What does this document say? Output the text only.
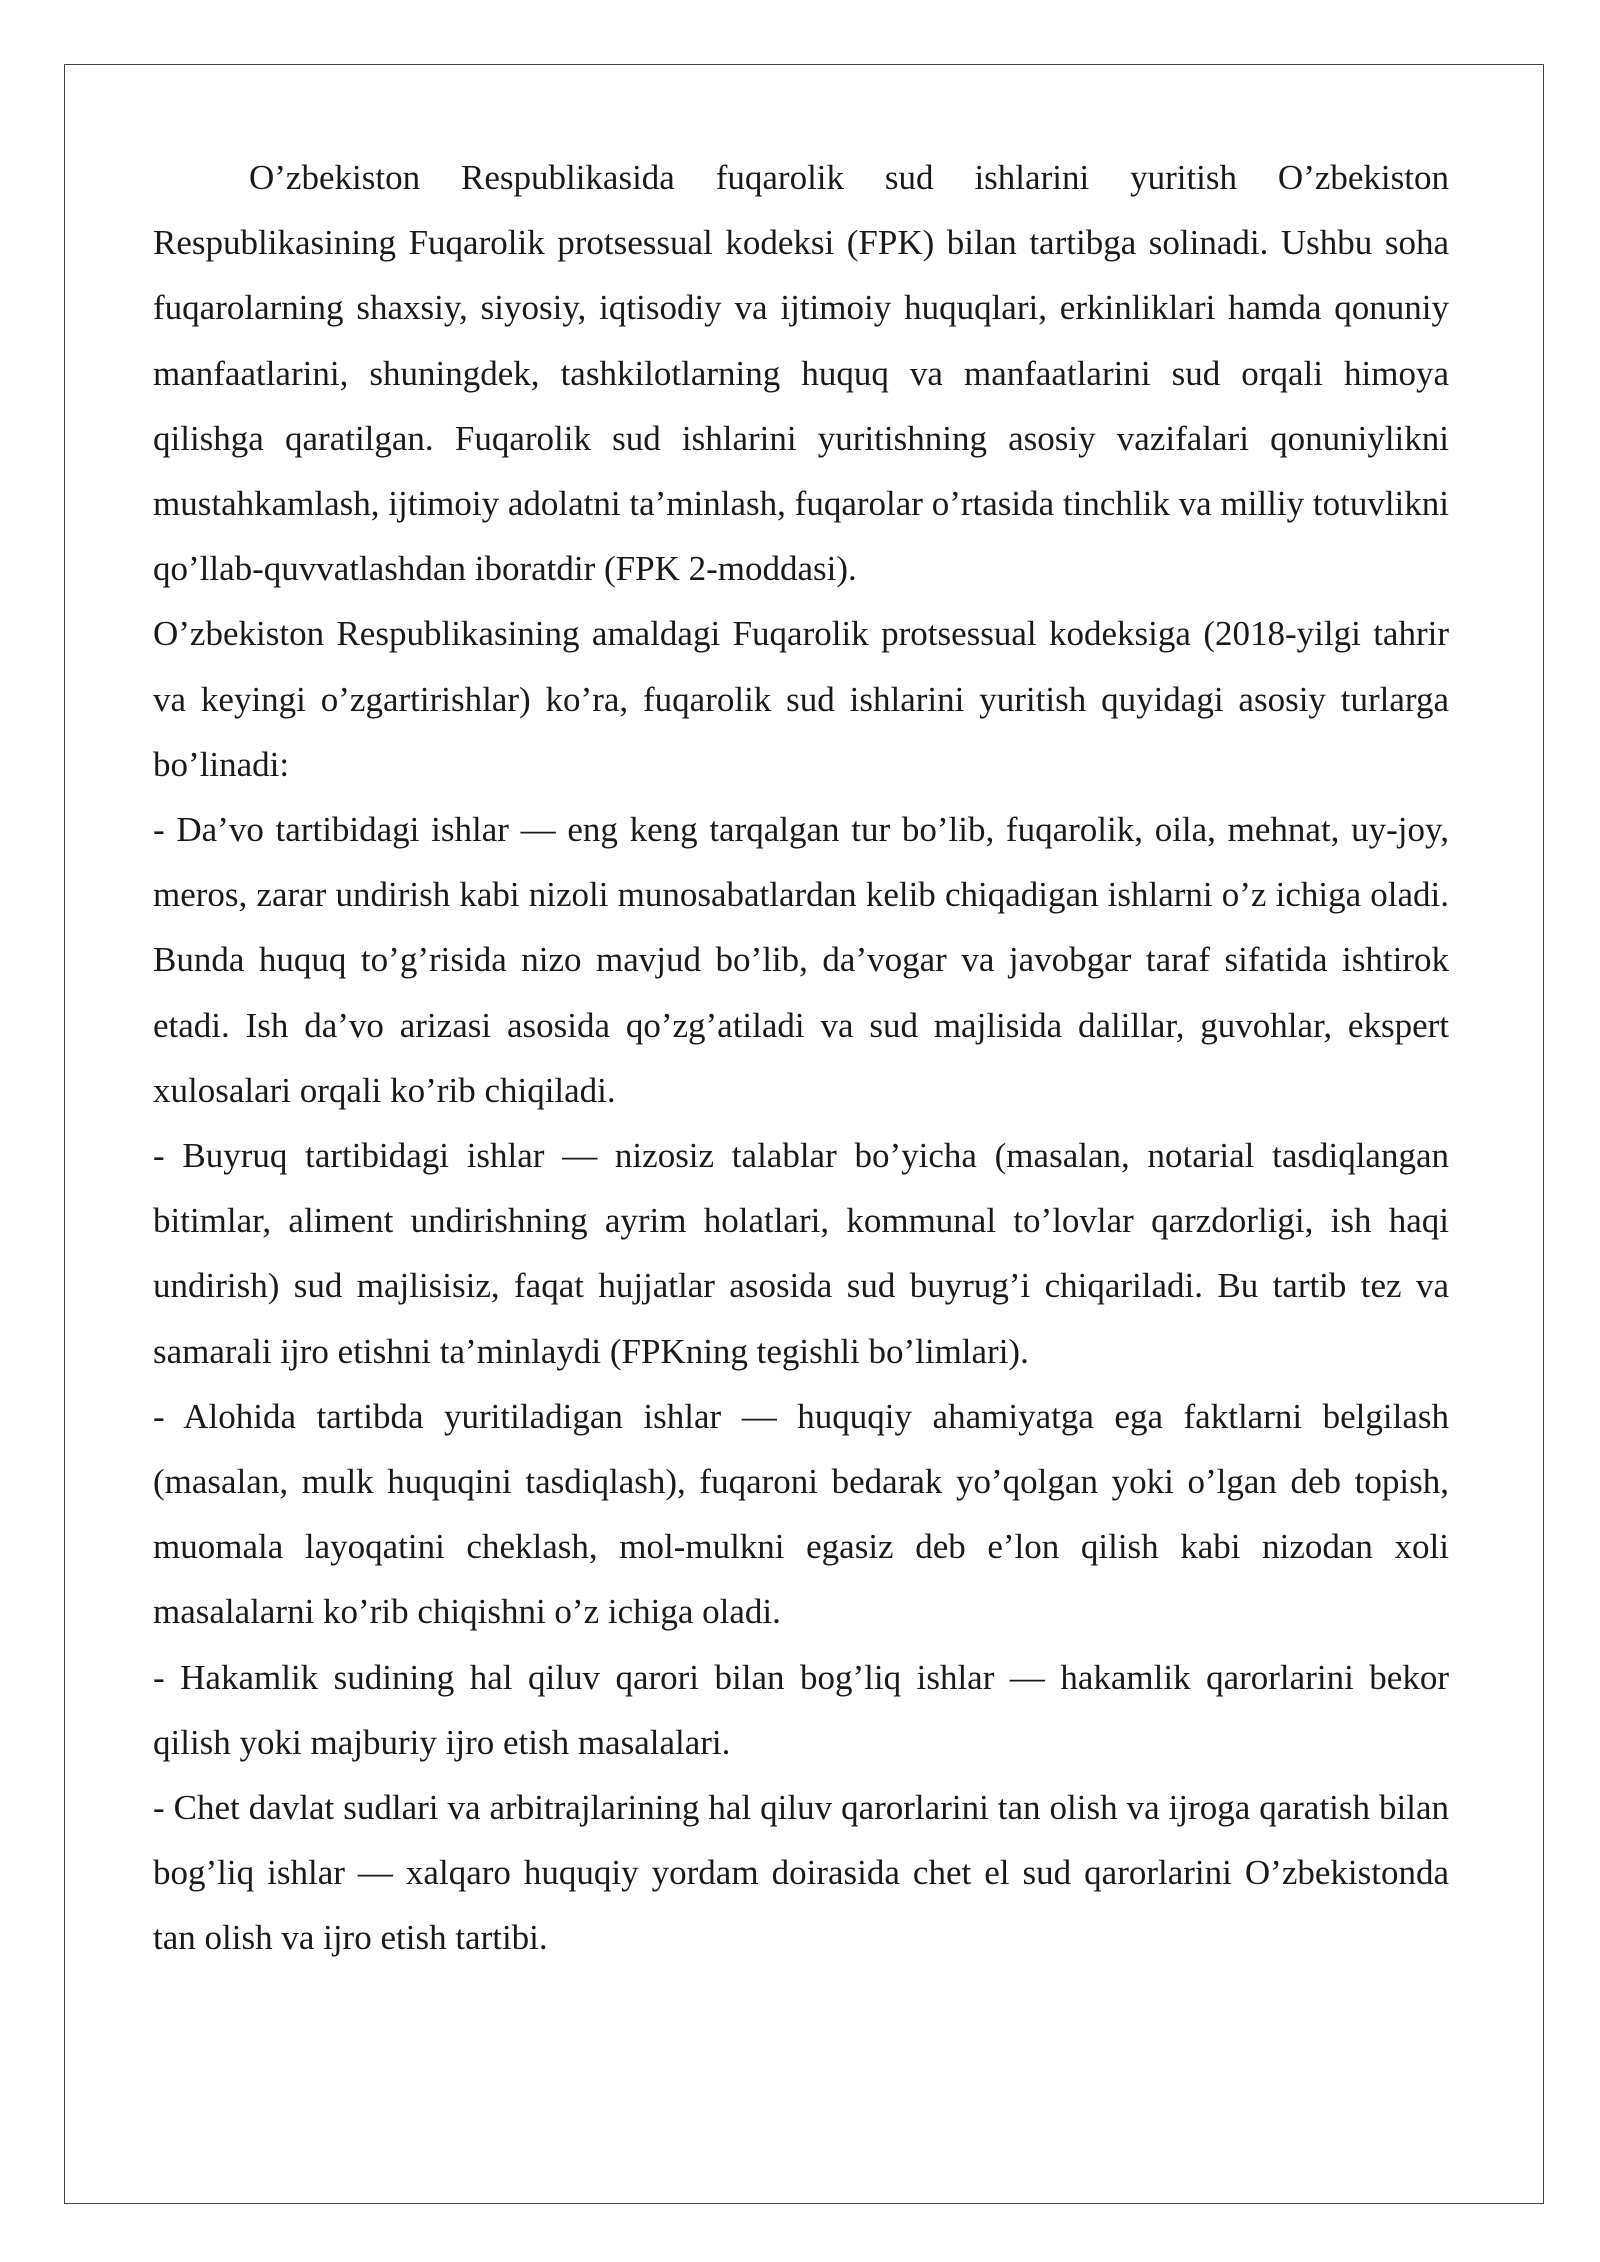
O’zbekiston Respublikasida fuqarolik sud ishlarini yuritish O’zbekiston Respublikasining Fuqarolik protsessual kodeksi (FPK) bilan tartibga solinadi. Ushbu soha fuqarolarning shaxsiy, siyosiy, iqtisodiy va ijtimoiy huquqlari, erkinliklari hamda qonuniy manfaatlarini, shuningdek, tashkilotlarning huquq va manfaatlarini sud orqali himoya qilishga qaratilgan. Fuqarolik sud ishlarini yuritishning asosiy vazifalari qonuniylikni mustahkamlash, ijtimoiy adolatni ta’minlash, fuqarolar o’rtasida tinchlik va milliy totuvlikni qo’llab-quvvatlashdan iboratdir (FPK 2-moddasi).

O’zbekiston Respublikasining amaldagi Fuqarolik protsessual kodeksiga (2018-yilgi tahrir va keyingi o’zgartirishlar) ko’ra, fuqarolik sud ishlarini yuritish quyidagi asosiy turlarga bo’linadi:

- Da’vo tartibidagi ishlar — eng keng tarqalgan tur bo’lib, fuqarolik, oila, mehnat, uy-joy, meros, zarar undirish kabi nizoli munosabatlardan kelib chiqadigan ishlarni o’z ichiga oladi. Bunda huquq to’g’risida nizo mavjud bo’lib, da’vogar va javobgar taraf sifatida ishtirok etadi. Ish da’vo arizasi asosida qo’zg’atiladi va sud majlisida dalillar, guvohlar, ekspert xulosalari orqali ko’rib chiqiladi.

- Buyruq tartibidagi ishlar — nizosiz talablar bo’yicha (masalan, notarial tasdiqlangan bitimlar, aliment undirishning ayrim holatlari, kommunal to’lovlar qarzdorligi, ish haqi undirish) sud majlisisiz, faqat hujjatlar asosida sud buyrug’i chiqariladi. Bu tartib tez va samarali ijro etishni ta’minlaydi (FPKning tegishli bo’limlari).

- Alohida tartibda yuritiladigan ishlar — huquqiy ahamiyatga ega faktlarni belgilash (masalan, mulk huquqini tasdiqlash), fuqaroni bedarak yo’qolgan yoki o’lgan deb topish, muomala layoqatini cheklash, mol-mulkni egasiz deb e’lon qilish kabi nizodan xoli masalalarni ko’rib chiqishni o’z ichiga oladi.

- Hakamlik sudining hal qiluv qarori bilan bog’liq ishlar — hakamlik qarorlarini bekor qilish yoki majburiy ijro etish masalalari.

- Chet davlat sudlari va arbitrajlarining hal qiluv qarorlarini tan olish va ijroga qaratish bilan bog’liq ishlar — xalqaro huquqiy yordam doirasida chet el sud qarorlarini O’zbekistonda tan olish va ijro etish tartibi.
